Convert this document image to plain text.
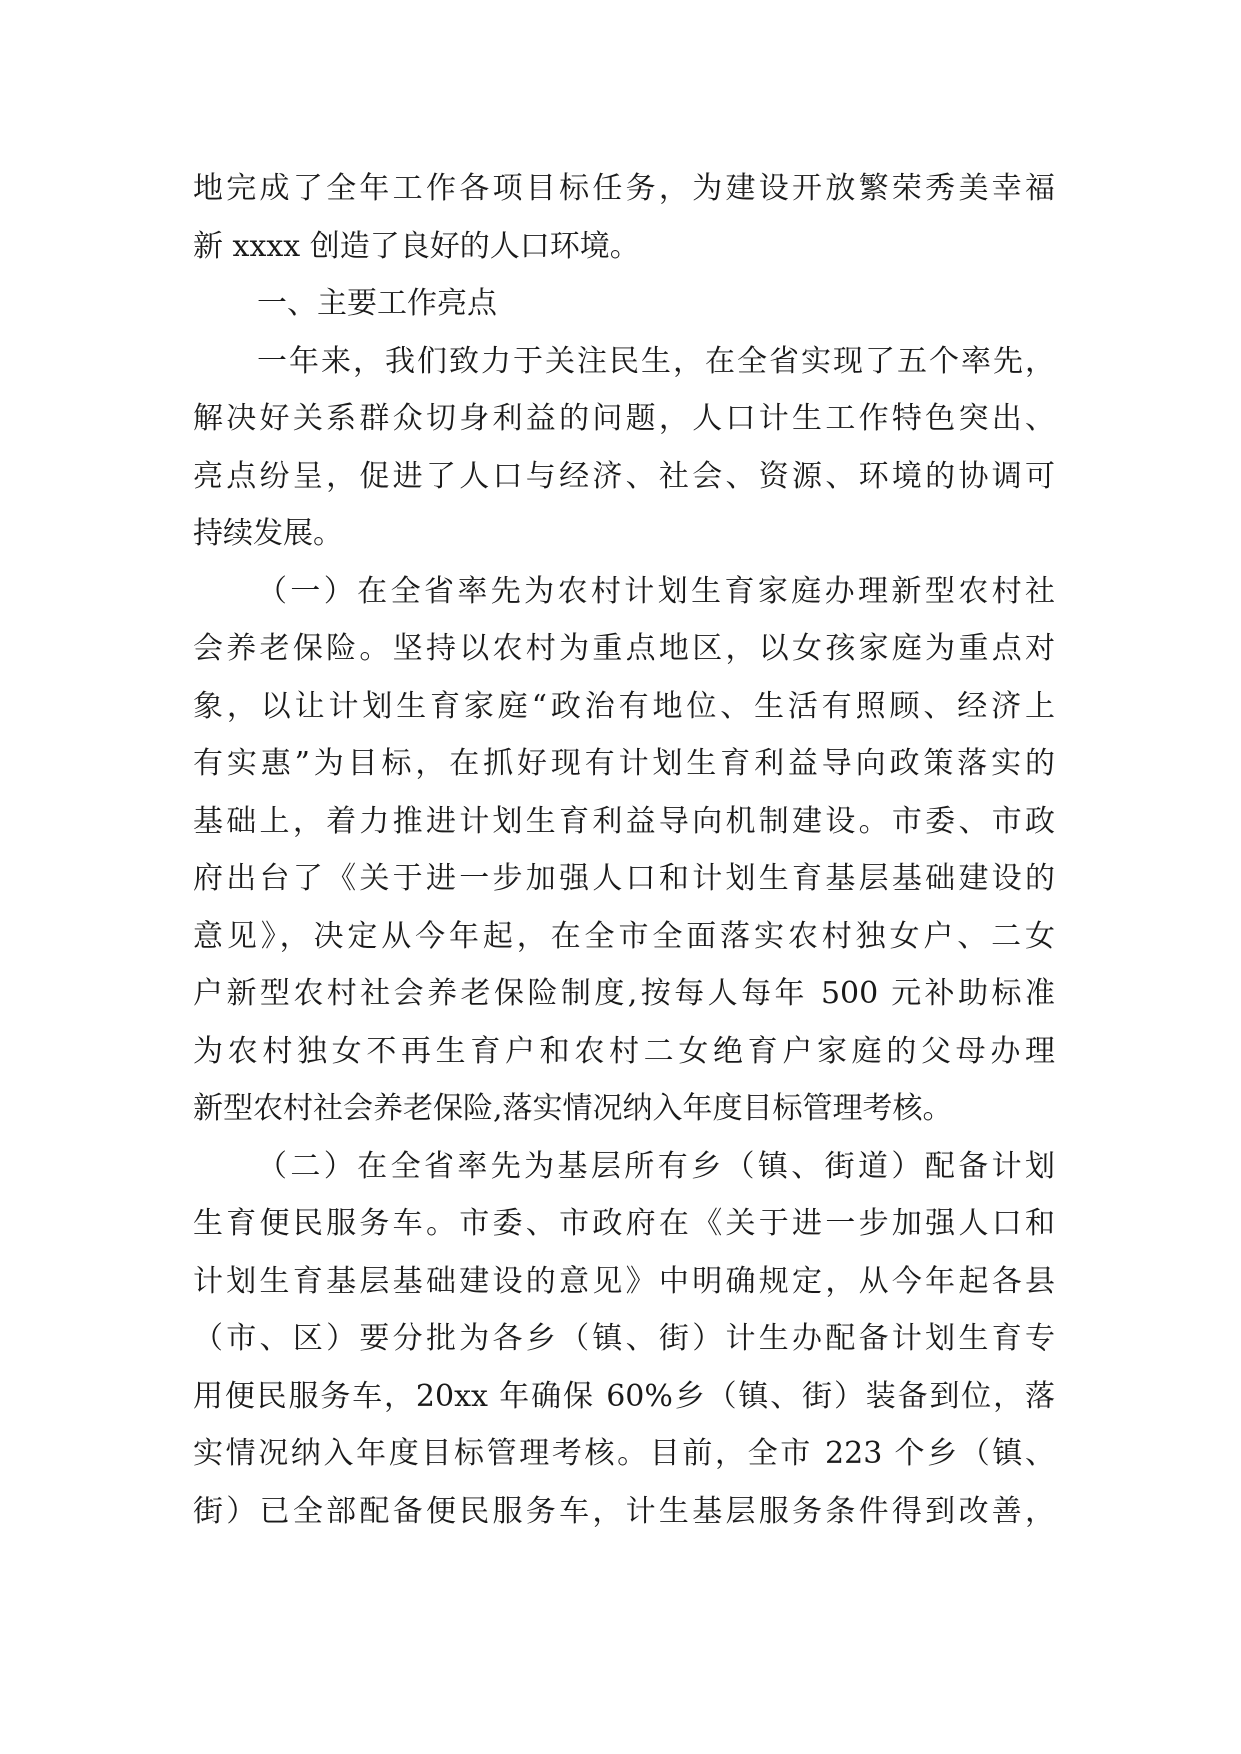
地完成了全年工作各项目标任务，为建设开放繁荣秀美幸福
新 xxxx 创造了良好的人口环境。
一、主要工作亮点
一年来，我们致力于关注民生，在全省实现了五个率先，
解决好关系群众切身利益的问题，人口计生工作特色突出、
亮点纷呈，促进了人口与经济、社会、资源、环境的协调可
持续发展。
（一）在全省率先为农村计划生育家庭办理新型农村社
会养老保险。坚持以农村为重点地区，以女孩家庭为重点对
象，以让计划生育家庭“政治有地位、生活有照顾、经济上
有实惠”为目标，在抓好现有计划生育利益导向政策落实的
基础上，着力推进计划生育利益导向机制建设。市委、市政
府出台了《关于进一步加强人口和计划生育基层基础建设的
意见》，决定从今年起，在全市全面落实农村独女户、二女
户新型农村社会养老保险制度,按每人每年 500 元补助标准
为农村独女不再生育户和农村二女绝育户家庭的父母办理
新型农村社会养老保险,落实情况纳入年度目标管理考核。
（二）在全省率先为基层所有乡（镇、街道）配备计划
生育便民服务车。市委、市政府在《关于进一步加强人口和
计划生育基层基础建设的意见》中明确规定，从今年起各县
（市、区）要分批为各乡（镇、街）计生办配备计划生育专
用便民服务车，20xx 年确保 60%乡（镇、街）装备到位，落
实情况纳入年度目标管理考核。目前，全市 223 个乡（镇、
街）已全部配备便民服务车，计生基层服务条件得到改善，
